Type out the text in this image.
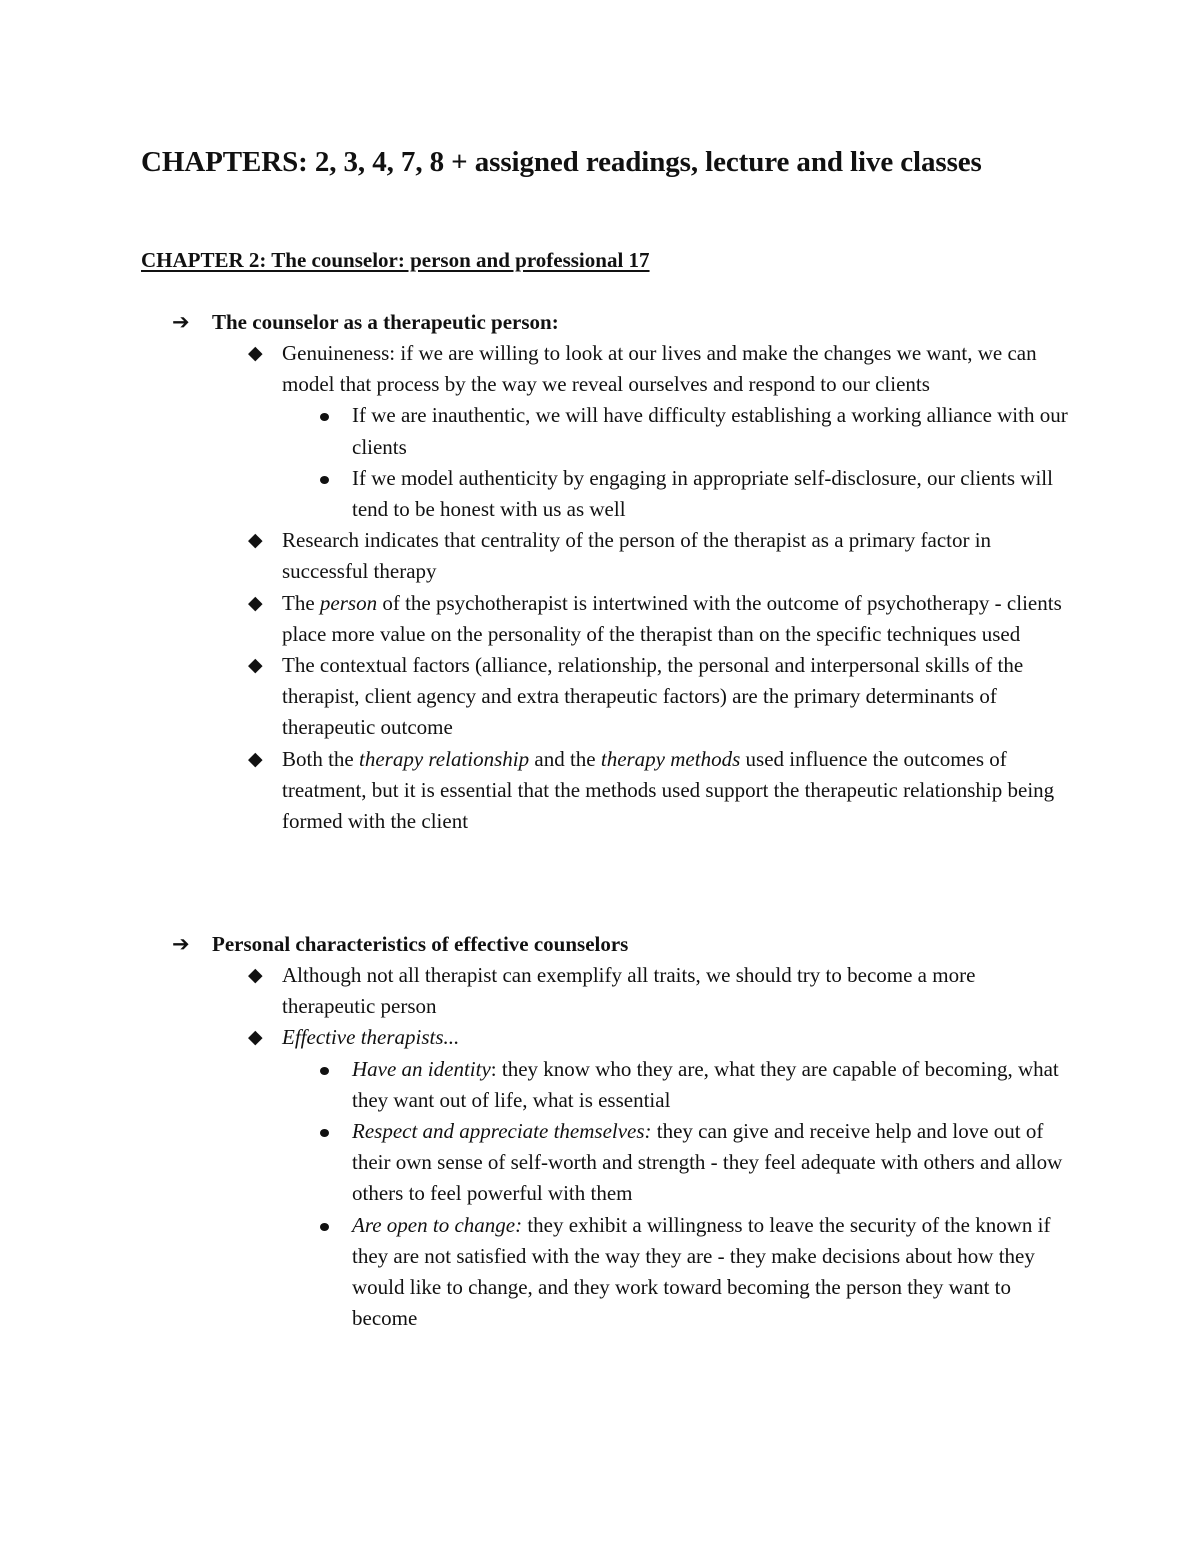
CHAPTERS: 2, 3, 4, 7, 8 + assigned readings, lecture and live classes
CHAPTER 2: The counselor: person and professional 17
➔ The counselor as a therapeutic person:
◆ Genuineness: if we are willing to look at our lives and make the changes we want, we can model that process by the way we reveal ourselves and respond to our clients
If we are inauthentic, we will have difficulty establishing a working alliance with our clients
If we model authenticity by engaging in appropriate self-disclosure, our clients will tend to be honest with us as well
◆ Research indicates that centrality of the person of the therapist as a primary factor in successful therapy
◆ The person of the psychotherapist is intertwined with the outcome of psychotherapy - clients place more value on the personality of the therapist than on the specific techniques used
◆ The contextual factors (alliance, relationship, the personal and interpersonal skills of the therapist, client agency and extra therapeutic factors) are the primary determinants of therapeutic outcome
◆ Both the therapy relationship and the therapy methods used influence the outcomes of treatment, but it is essential that the methods used support the therapeutic relationship being formed with the client
➔ Personal characteristics of effective counselors
◆ Although not all therapist can exemplify all traits, we should try to become a more therapeutic person
◆ Effective therapists...
Have an identity: they know who they are, what they are capable of becoming, what they want out of life, what is essential
Respect and appreciate themselves: they can give and receive help and love out of their own sense of self-worth and strength - they feel adequate with others and allow others to feel powerful with them
Are open to change: they exhibit a willingness to leave the security of the known if they are not satisfied with the way they are - they make decisions about how they would like to change, and they work toward becoming the person they want to become
